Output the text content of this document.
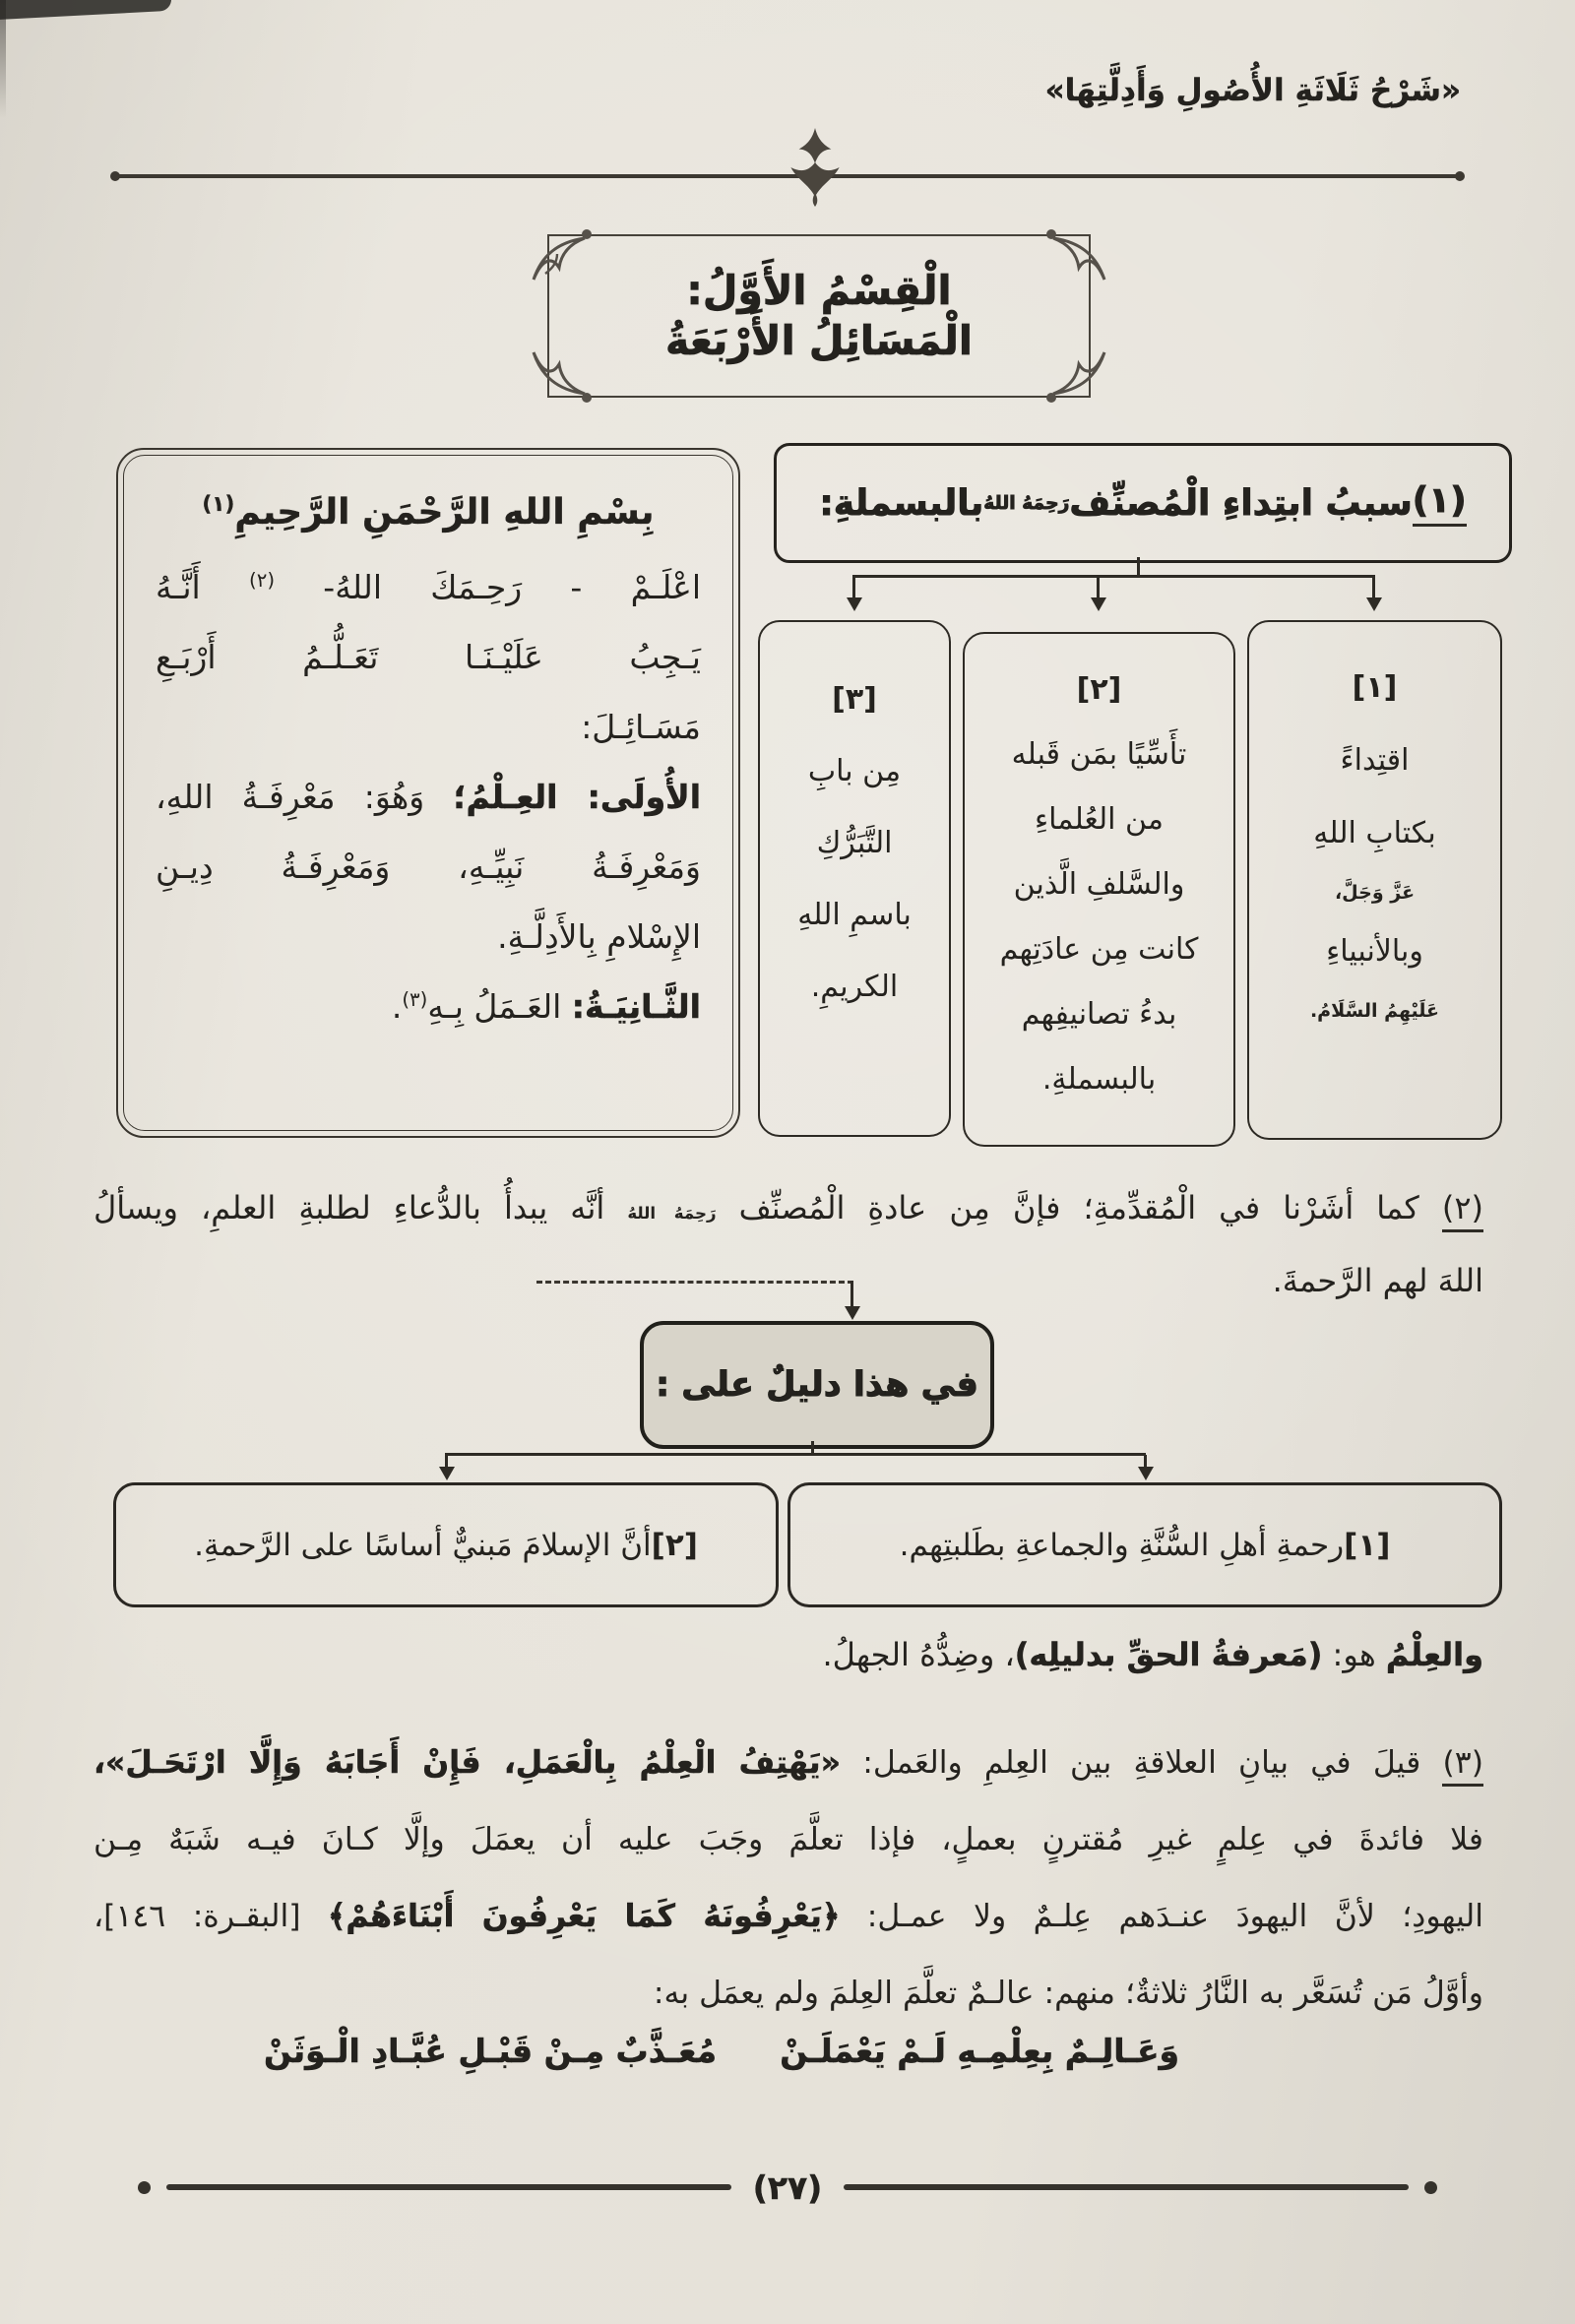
«شَرْحُ ثَلَاثَةِ الأُصُولِ وَأَدِلَّتِهَا»
الْقِسْمُ الأَوَّلُ:
الْمَسَائِلُ الأَرْبَعَةُ
بِسْمِ اللهِ الرَّحْمَنِ الرَّحِيمِ$^{(١)}$
اعْلَـمْ - رَحِـمَكَ اللهُ- $^{(٢)}$ أَنَّـهُ
يَـجِبُ عَلَيْـنَـا تَعَـلُّـمُ أَرْبَـعِ
مَسَـائِـلَ:
الأُولَى: العِـلْمُ؛ وَهُوَ: مَعْرِفَـةُ اللهِ،
وَمَعْرِفَـةُ نَبِيِّـهِ، وَمَعْرِفَـةُ دِيـنِ
الإِسْلامِ بِالأَدِلَّـةِ.
الثَّـانِيَـةُ: العَـمَلُ بِـهِ$^{(٣)}$.
(١)
سببُ ابتِداءِ الْمُصنِّف
رَحِمَهُ اللهُ
بالبسملةِ:
[١]
اقتِداءً
بكتابِ اللهِ
عَزَّ وَجَلَّ،
وبالأنبياءِ
عَلَيْهِمُ السَّلَامُ.
[٢]
تأَسِّيًا بمَن قَبله
من العُلماءِ
والسَّلفِ الَّذين
كانت مِن عادَتِهم
بدءُ تصانيفِهم
بالبسملةِ.
[٣]
مِن بابِ
التَّبَرُّكِ
باسمِ اللهِ
الكريمِ.
(٢) كما أشَرْنا في الْمُقدِّمةِ؛ فإنَّ مِن عادةِ الْمُصنِّف رَحِمَهُ اللهُ أنَّه يبدأُ بالدُّعاءِ لطلبةِ العلمِ، ويسألُ
اللهَ لهم الرَّحمةَ.
في هذا دليلٌ على :
[١]
رحمةِ أهلِ السُّنَّةِ والجماعةِ بطَلبتِهم.
[٢]
أنَّ الإسلامَ مَبنيٌّ أساسًا على الرَّحمةِ.
والعِلْمُ هو: (مَعرفةُ الحقِّ بدليلِه)، وضِدُّهُ الجهلُ.
(٣) قيلَ في بيانِ العلاقةِ بين العِلمِ والعَمل: «يَهْتِفُ الْعِلْمُ بِالْعَمَلِ، فَإِنْ أَجَابَهُ وَإِلَّا ارْتَحَـلَ»،
فلا فائدةَ في عِلمٍ غيرِ مُقترنٍ بعملٍ، فإذا تعلَّمَ وجَبَ عليه أن يعمَلَ وإلَّا كـانَ فيـه شَبَهٌ مِـن
اليهودِ؛ لأنَّ اليهودَ عنـدَهم عِلـمٌ ولا عمـل: ﴿يَعْرِفُونَهُ كَمَا يَعْرِفُونَ أَبْنَاءَهُمْ﴾ [البقـرة: ١٤٦]،
وأوَّلُ مَن تُسَعَّر به النَّارُ ثلاثةٌ؛ منهم: عالـمٌ تعلَّمَ العِلمَ ولم يعمَل به:
وَعَـالِـمٌ بِعِلْمِـهِ لَـمْ يَعْمَلَـنْ
مُعَـذَّبٌ مِـنْ قَبْـلِ عُبَّـادِ الْـوَثَنْ
(٢٧)
